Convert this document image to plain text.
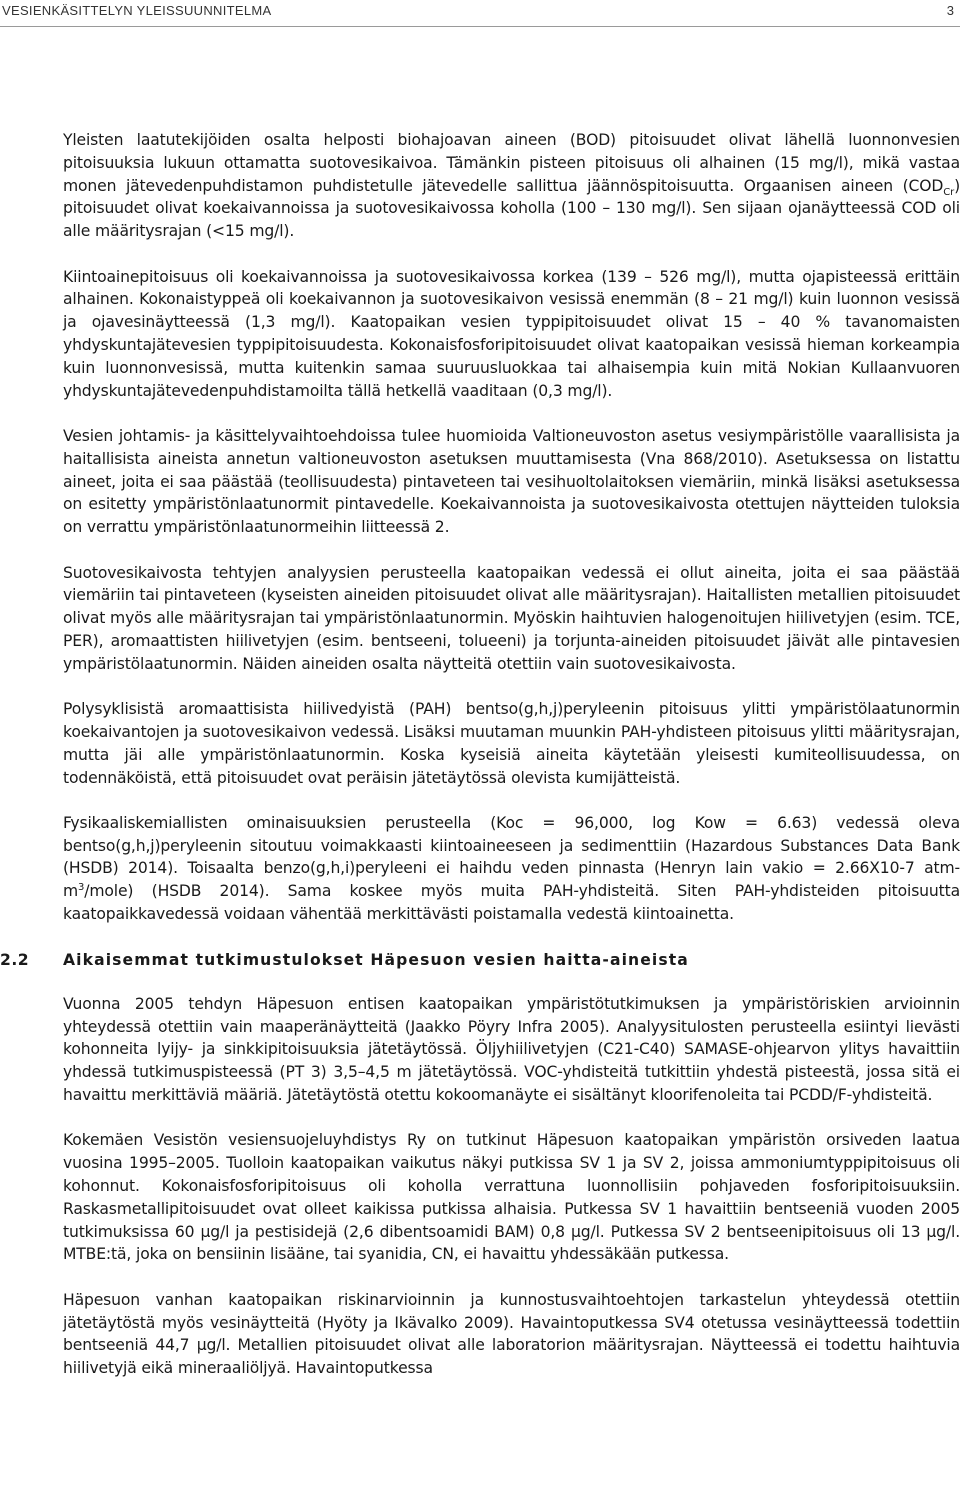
VESIENKÄSITTELYN YLEISSUUNNITELMA	3

Yleisten laatutekijöiden osalta helposti biohajoavan aineen (BOD) pitoisuudet olivat lähellä luonnonvesien pitoisuuksia lukuun ottamatta suotovesikaivoa. Tämänkin pisteen pitoisuus oli alhainen (15 mg/l), mikä vastaa monen jätevedenpuhdistamon puhdistetulle jätevedelle sallittua jäännöspitoisuutta. Orgaanisen aineen $(COD_{Cr})$ pitoisuudet olivat koekaivannoissa ja suotovesikaivossa koholla (100 – 130 mg/l). Sen sijaan ojanäytteessä COD oli alle määritysrajan (<15 mg/l).

Kiintoainepitoisuus oli koekaivannoissa ja suotovesikaivossa korkea (139 – 526 mg/l), mutta ojapisteessä erittäin alhainen. Kokonaistyppeä oli koekaivannon ja suotovesikaivon vesissä enemmän (8 – 21 mg/l) kuin luonnon vesissä ja ojavesinäytteessä (1,3 mg/l). Kaatopaikan vesien typpipitoisuudet olivat 15 – 40 % tavanomaisten yhdyskuntajätevesien typpipitoisuudesta. Kokonaisfosforipitoisuudet olivat kaatopaikan vesissä hieman korkeampia kuin luonnonvesissä, mutta kuitenkin samaa suuruusluokkaa tai alhaisempia kuin mitä Nokian Kullaanvuoren yhdyskuntajätevedenpuhdistamoilta tällä hetkellä vaaditaan (0,3 mg/l).

Vesien johtamis- ja käsittelyvaihtoehdoissa tulee huomioida Valtioneuvoston asetus vesiympäristölle vaarallisista ja haitallisista aineista annetun valtioneuvoston asetuksen muuttamisesta (Vna 868/2010). Asetuksessa on listattu aineet, joita ei saa päästää (teollisuudesta) pintaveteen tai vesihuoltolaitoksen viemäriin, minkä lisäksi asetuksessa on esitetty ympäristönlaatunormit pintavedelle. Koekaivannoista ja suotovesikaivosta otettujen näytteiden tuloksia on verrattu ympäristönlaatunormeihin liitteessä 2.

Suotovesikaivosta tehtyjen analyysien perusteella kaatopaikan vedessä ei ollut aineita, joita ei saa päästää viemäriin tai pintaveteen (kyseisten aineiden pitoisuudet olivat alle määritysrajan). Haitallisten metallien pitoisuudet olivat myös alle määritysrajan tai ympäristönlaatunormin. Myöskin haihtuvien halogenoitujen hiilivetyjen (esim. TCE, PER), aromaattisten hiilivetyjen (esim. bentseeni, tolueeni) ja torjunta-aineiden pitoisuudet jäivät alle pintavesien ympäristölaatunormin. Näiden aineiden osalta näytteitä otettiin vain suotovesikaivosta.

Polysyklisistä aromaattisista hiilivedyistä (PAH) bentso(g,h,j)peryleenin pitoisuus ylitti ympäristölaatunormin koekaivantojen ja suotovesikaivon vedessä. Lisäksi muutaman muunkin PAH-yhdisteen pitoisuus ylitti määritysrajan, mutta jäi alle ympäristönlaatunormin. Koska kyseisiä aineita käytetään yleisesti kumiteollisuudessa, on todennäköistä, että pitoisuudet ovat peräisin jätetäytössä olevista kumijätteistä.

Fysikaaliskemiallisten ominaisuuksien perusteella (Koc = 96,000, log Kow = 6.63) vedessä oleva bentso(g,h,j)peryleenin sitoutuu voimakkaasti kiintoaineeseen ja sedimenttiin (Hazardous Substances Data Bank (HSDB) 2014). Toisaalta benzo(g,h,i)peryleeni ei haihdu veden pinnasta (Henryn lain vakio = 2.66X10-7 atm-$m^3/mole$) (HSDB 2014). Sama koskee myös muita PAH-yhdisteitä. Siten PAH-yhdisteiden pitoisuutta kaatopaikkavedessä voidaan vähentää merkittävästi poistamalla vedestä kiintoainetta.

2.2 Aikaisemmat tutkimustulokset Häpesuon vesien haitta-aineista

Vuonna 2005 tehdyn Häpesuon entisen kaatopaikan ympäristötutkimuksen ja ympäristöriskien arvioinnin yhteydessä otettiin vain maaperänäytteitä (Jaakko Pöyry Infra 2005). Analyysitulosten perusteella esiintyi lievästi kohonneita lyijy- ja sinkkipitoisuuksia jätetäytössä. Öljyhiilivetyjen (C21-C40) SAMASE-ohjearvon ylitys havaittiin yhdessä tutkimuspisteessä (PT 3) 3,5–4,5 m jätetäytössä. VOC-yhdisteitä tutkittiin yhdestä pisteestä, jossa sitä ei havaittu merkittäviä määriä. Jätetäytöstä otettu kokoomanäyte ei sisältänyt kloorifenoleita tai PCDD/F-yhdisteitä.

Kokemäen Vesistön vesiensuojeluyhdistys Ry on tutkinut Häpesuon kaatopaikan ympäristön orsiveden laatua vuosina 1995–2005. Tuolloin kaatopaikan vaikutus näkyi putkissa SV 1 ja SV 2, joissa ammoniumtyppipitoisuus oli kohonnut. Kokonaisfosforipitoisuus oli koholla verrattuna luonnollisiin pohjaveden fosforipitoisuuksiin. Raskasmetallipitoisuudet ovat olleet kaikissa putkissa alhaisia. Putkessa SV 1 havaittiin bentseeniä vuoden 2005 tutkimuksissa 60 µg/l ja pestisidejä (2,6 dibentsoamidi BAM) 0,8 µg/l. Putkessa SV 2 bentseenipitoisuus oli 13 µg/l. MTBE:tä, joka on bensiinin lisääne, tai syanidia, CN, ei havaittu yhdessäkään putkessa.

Häpesuon vanhan kaatopaikan riskinarvioinnin ja kunnostusvaihtoehtojen tarkastelun yhteydessä otettiin jätetäytöstä myös vesinäytteitä (Hyöty ja Ikävalko 2009). Havaintoputkessa SV4 otetussa vesinäytteessä todettiin bentseeniä 44,7 µg/l. Metallien pitoisuudet olivat alle laboratorion määritysrajan. Näytteessä ei todettu haihtuvia hiilivetyjä eikä mineraaliöljyä. Havaintoputkessa
